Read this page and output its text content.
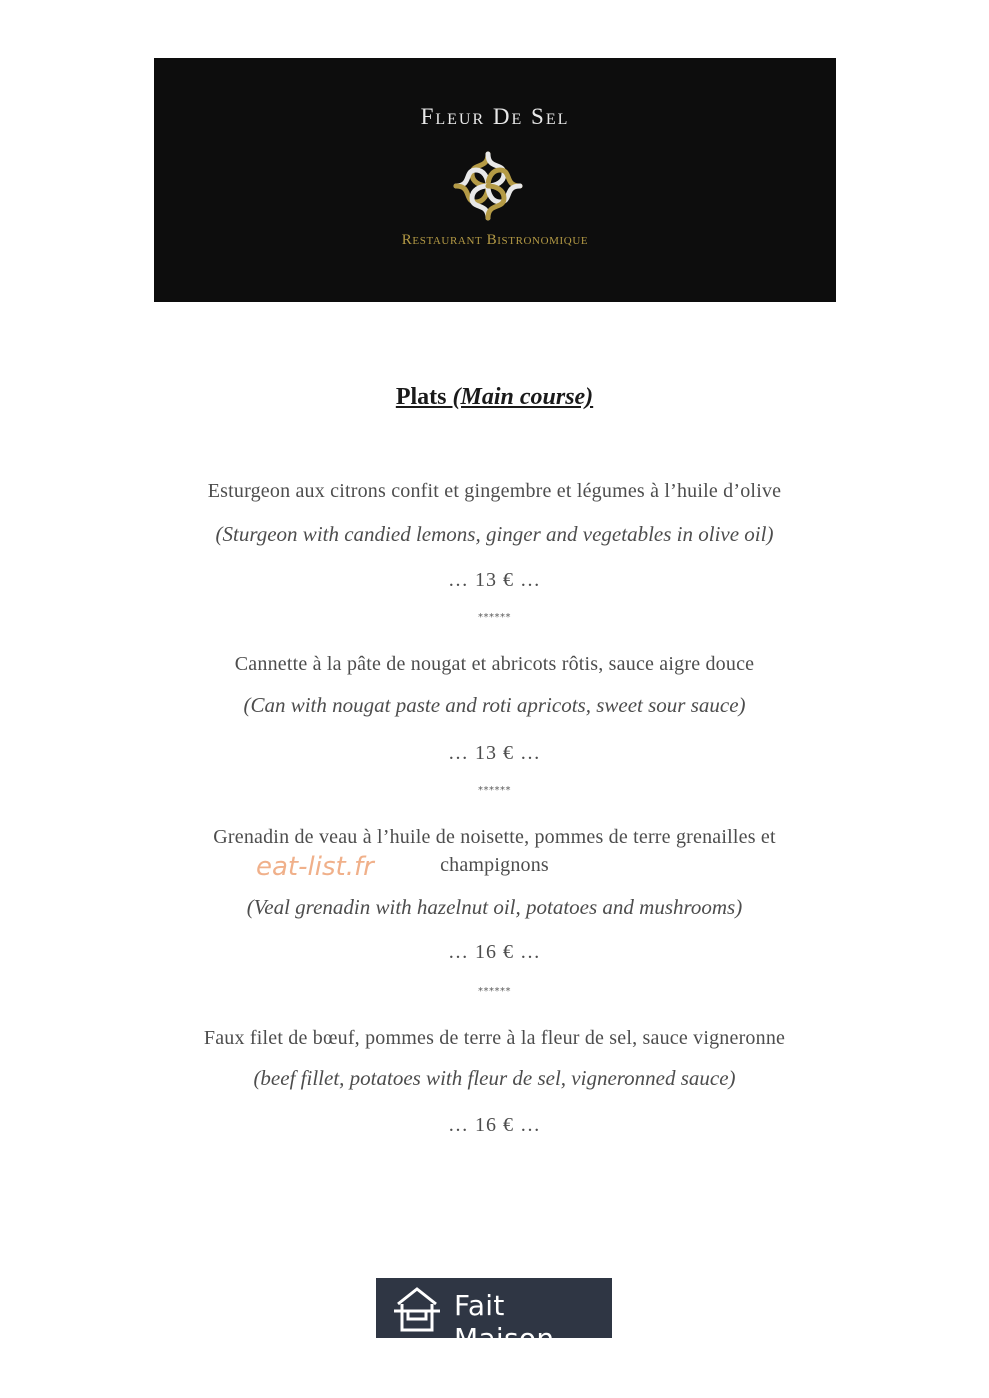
Fleur De Sel
Restaurant Bistronomique
Plats (Main course)
Esturgeon aux citrons confit et gingembre et légumes à l’huile d’olive
(Sturgeon with candied lemons, ginger and vegetables in olive oil)
… 13 € …
******
Cannette à la pâte de nougat et abricots rôtis, sauce aigre douce
(Can with nougat paste and roti apricots, sweet sour sauce)
… 13 € …
******
Grenadin de veau à l’huile de noisette, pommes de terre grenailles et
champignons
(Veal grenadin with hazelnut oil, potatoes and mushrooms)
… 16 € …
******
Faux filet de bœuf, pommes de terre à la fleur de sel, sauce vigneronne
(beef fillet, potatoes with fleur de sel, vigneronned sauce)
… 16 € …
eat-list.fr
Fait Maison
